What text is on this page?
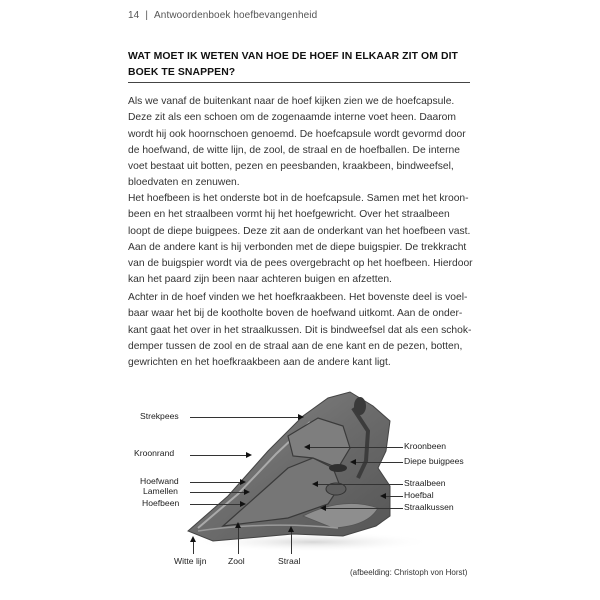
14 | Antwoordenboek hoefbevangenheid
WAT MOET IK WETEN VAN HOE DE HOEF IN ELKAAR ZIT OM DIT BOEK TE SNAPPEN?

Als we vanaf de buitenkant naar de hoef kijken zien we de hoefcapsule. Deze zit als een schoen om de zogenaamde interne voet heen. Daarom wordt hij ook hoornschoen genoemd. De hoefcapsule wordt gevormd door de hoefwand, de witte lijn, de zool, de straal en de hoefballen. De interne voet bestaat uit botten, pezen en peesbanden, kraakbeen, bindweefsel, bloedvaten en zenuwen.

Het hoefbeen is het onderste bot in de hoefcapsule. Samen met het kroon-been en het straalbeen vormt hij het hoefgewricht. Over het straalbeen loopt de diepe buigpees. Deze zit aan de onderkant van het hoefbeen vast. Aan de andere kant is hij verbonden met de diepe buigspier. De trekkracht van de buigspier wordt via de pees overgebracht op het hoefbeen. Hierdoor kan het paard zijn been naar achteren buigen en afzetten.

Achter in de hoef vinden we het hoefkraakbeen. Het bovenste deel is voel-baar waar het bij de kootholte boven de hoefwand uitkomt. Aan de onder-kant gaat het over in het straalkussen. Dit is bindweefsel dat als een schok-demper tussen de zool en de straal aan de ene kant en de pezen, botten, gewrichten en het hoefkraakbeen aan de andere kant ligt.

Strekpees
Kroonrand
Hoefwand
Lamellen
Hoefbeen
Kroonbeen
Diepe buigpees
Straalbeen
Hoefbal
Straalkussen
Witte lijn	Zool	Straal
(afbeelding: Christoph von Horst)
